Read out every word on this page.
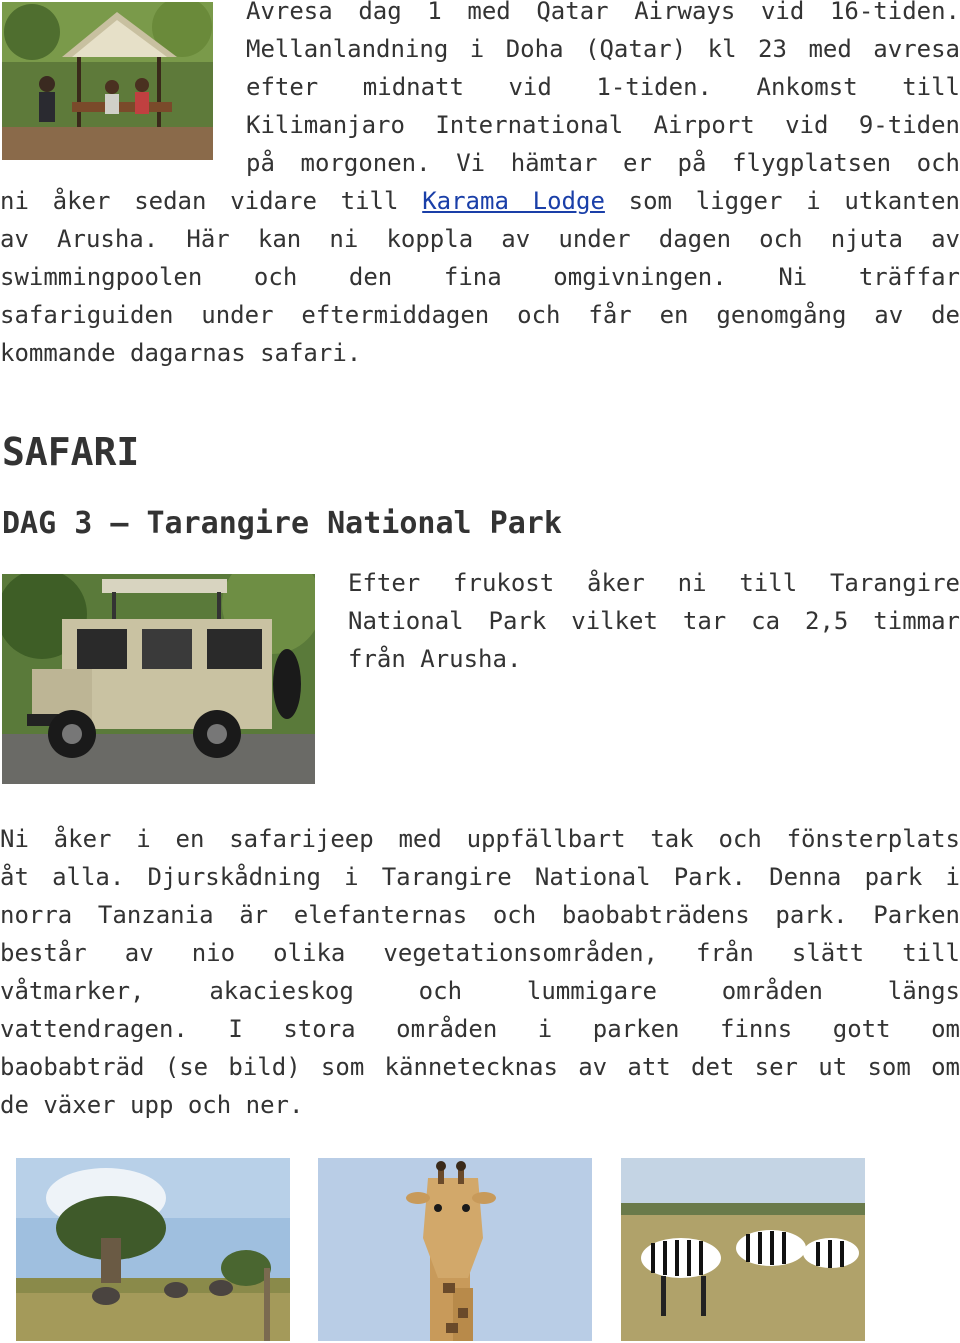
Avresa dag 1 med Qatar Airways vid 16-tiden.
Mellanlandning i Doha (Qatar) kl 23 med avresa
efter midnatt vid 1-tiden. Ankomst till
Kilimanjaro International Airport vid 9-tiden
på morgonen. Vi hämtar er på flygplatsen och
ni åker sedan vidare till Karama Lodge som ligger i utkanten
av Arusha. Här kan ni koppla av under dagen och njuta av
swimmingpoolen och den fina omgivningen. Ni träffar
safariguiden under eftermiddagen och får en genomgång av de
kommande dagarnas safari.
SAFARI
DAG 3 – Tarangire National Park
Efter frukost åker ni till Tarangire
National Park vilket tar ca 2,5 timmar
från Arusha.
Ni åker i en safarijeep med uppfällbart tak och fönsterplats
åt alla. Djurskådning i Tarangire National Park. Denna park i
norra Tanzania är elefanternas och baobabträdens park. Parken
består av nio olika vegetationsområden, från slätt till
våtmarker, akacieskog och lummigare områden längs
vattendragen. I stora områden i parken finns gott om
baobabträd (se bild) som kännetecknas av att det ser ut som om
de växer upp och ner.
